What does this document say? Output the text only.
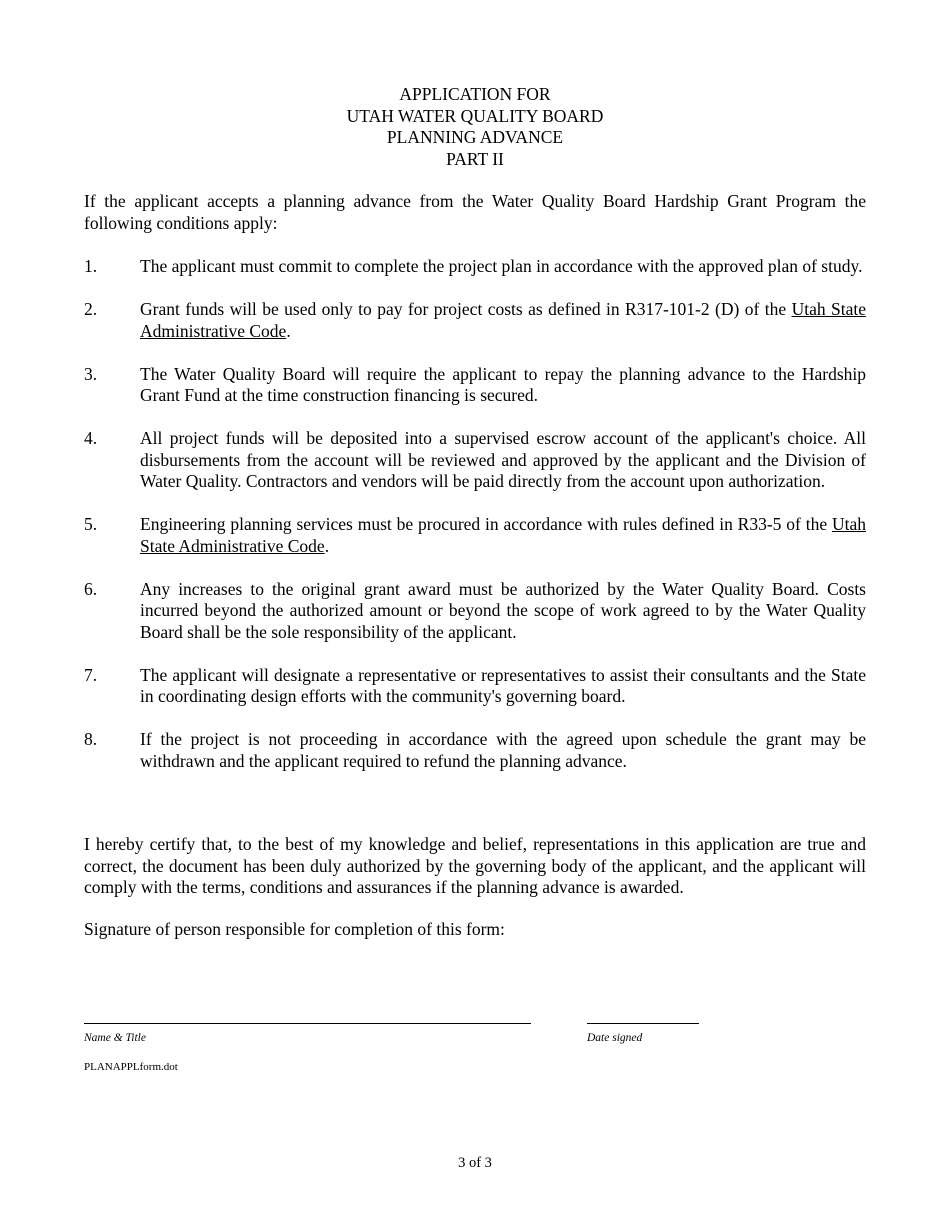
APPLICATION FOR
UTAH WATER QUALITY BOARD
PLANNING ADVANCE
PART II
If the applicant accepts a planning advance from the Water Quality Board Hardship Grant Program the following conditions apply:
1.	The applicant must commit to complete the project plan in accordance with the approved plan of study.
2.	Grant funds will be used only to pay for project costs as defined in R317-101-2 (D) of the Utah State Administrative Code.
3.	The Water Quality Board will require the applicant to repay the planning advance to the Hardship Grant Fund at the time construction financing is secured.
4.	All project funds will be deposited into a supervised escrow account of the applicant's choice. All disbursements from the account will be reviewed and approved by the applicant and the Division of Water Quality. Contractors and vendors will be paid directly from the account upon authorization.
5.	Engineering planning services must be procured in accordance with rules defined in R33-5 of the Utah State Administrative Code.
6.	Any increases to the original grant award must be authorized by the Water Quality Board. Costs incurred beyond the authorized amount or beyond the scope of work agreed to by the Water Quality Board shall be the sole responsibility of the applicant.
7.	The applicant will designate a representative or representatives to assist their consultants and the State in coordinating design efforts with the community's governing board.
8.	If the project is not proceeding in accordance with the agreed upon schedule the grant may be withdrawn and the applicant required to refund the planning advance.
I hereby certify that, to the best of my knowledge and belief, representations in this application are true and correct, the document has been duly authorized by the governing body of the applicant, and the applicant will comply with the terms, conditions and assurances if the planning advance is awarded.
Signature of person responsible for completion of this form:
Name & Title	Date signed
PLANAPPLform.dot
3 of 3
